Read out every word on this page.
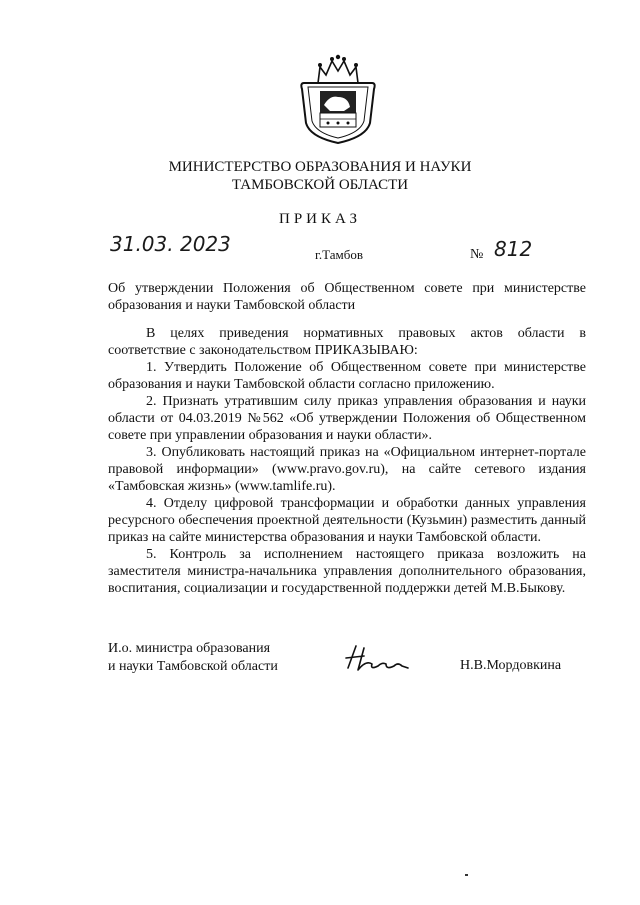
МИНИСТЕРСТВО ОБРАЗОВАНИЯ И НАУКИ
ТАМБОВСКОЙ ОБЛАСТИ
ПРИКАЗ
31.03. 2023	г.Тамбов	№ 812

Об утверждении Положения об Общественном совете при министерстве образования и науки Тамбовской области

В целях приведения нормативных правовых актов области в соответствие с законодательством ПРИКАЗЫВАЮ:

1. Утвердить Положение об Общественном совете при министерстве образования и науки Тамбовской области согласно приложению.

2. Признать утратившим силу приказ управления образования и науки области от 04.03.2019 №562 «Об утверждении Положения об Общественном совете при управлении образования и науки области».

3. Опубликовать настоящий приказ на «Официальном интернет-портале правовой информации» (www.pravo.gov.ru), на сайте сетевого издания «Тамбовская жизнь» (www.tamlife.ru).

4. Отделу цифровой трансформации и обработки данных управления ресурсного обеспечения проектной деятельности (Кузьмин) разместить данный приказ на сайте министерства образования и науки Тамбовской области.

5. Контроль за исполнением настоящего приказа возложить на заместителя министра-начальника управления дополнительного образования, воспитания, социализации и государственной поддержки детей М.В.Быкову.

И.о. министра образования
и науки Тамбовской области	Н.В.Мордовкина
